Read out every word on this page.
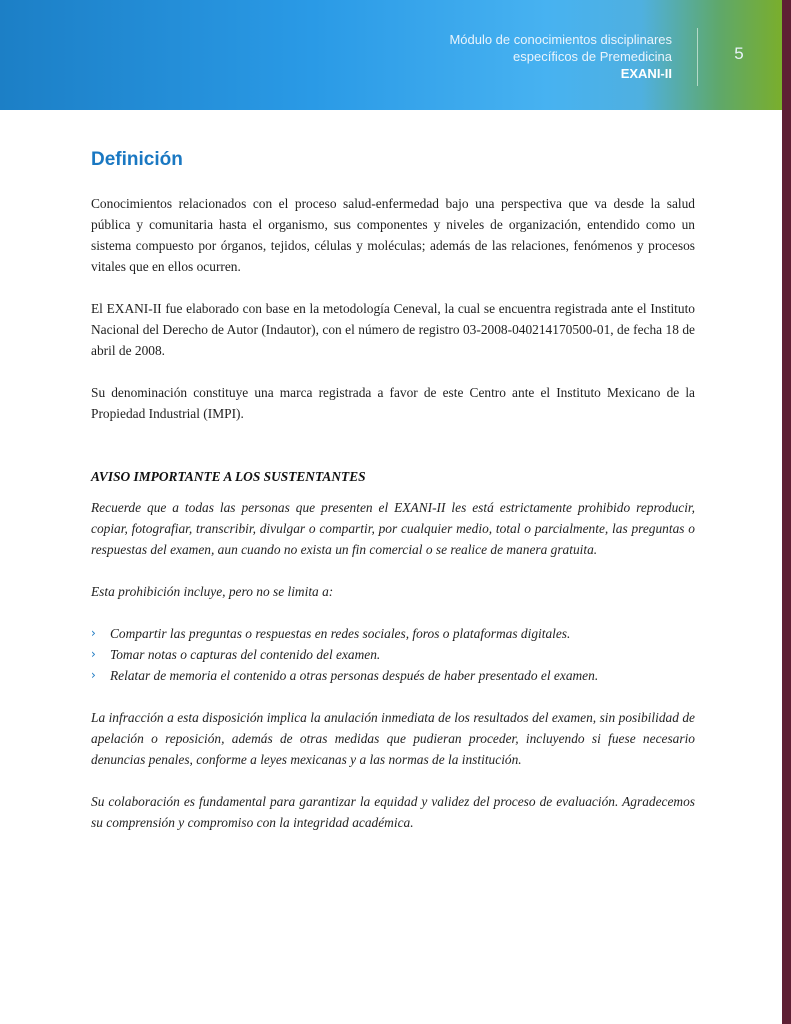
Módulo de conocimientos disciplinares
específicos de Premedicina
EXANI-II
5
Definición

Conocimientos relacionados con el proceso salud-enfermedad bajo una perspectiva que va desde la salud pública y comunitaria hasta el organismo, sus componentes y niveles de organización, entendido como un sistema compuesto por órganos, tejidos, células y moléculas; además de las relaciones, fenómenos y procesos vitales que en ellos ocurren.

El EXANI-II fue elaborado con base en la metodología Ceneval, la cual se encuentra registrada ante el Instituto Nacional del Derecho de Autor (Indautor), con el número de registro 03-2008-040214170500-01, de fecha 18 de abril de 2008.

Su denominación constituye una marca registrada a favor de este Centro ante el Instituto Mexicano de la Propiedad Industrial (IMPI).

AVISO IMPORTANTE A LOS SUSTENTANTES

Recuerde que a todas las personas que presenten el EXANI-II les está estrictamente prohibido reproducir, copiar, fotografiar, transcribir, divulgar o compartir, por cualquier medio, total o parcialmente, las preguntas o respuestas del examen, aun cuando no exista un fin comercial o se realice de manera gratuita.

Esta prohibición incluye, pero no se limita a:

› Compartir las preguntas o respuestas en redes sociales, foros o plataformas digitales.
› Tomar notas o capturas del contenido del examen.
› Relatar de memoria el contenido a otras personas después de haber presentado el examen.

La infracción a esta disposición implica la anulación inmediata de los resultados del examen, sin posibilidad de apelación o reposición, además de otras medidas que pudieran proceder, incluyendo si fuese necesario denuncias penales, conforme a leyes mexicanas y a las normas de la institución.

Su colaboración es fundamental para garantizar la equidad y validez del proceso de evaluación. Agradecemos su comprensión y compromiso con la integridad académica.
